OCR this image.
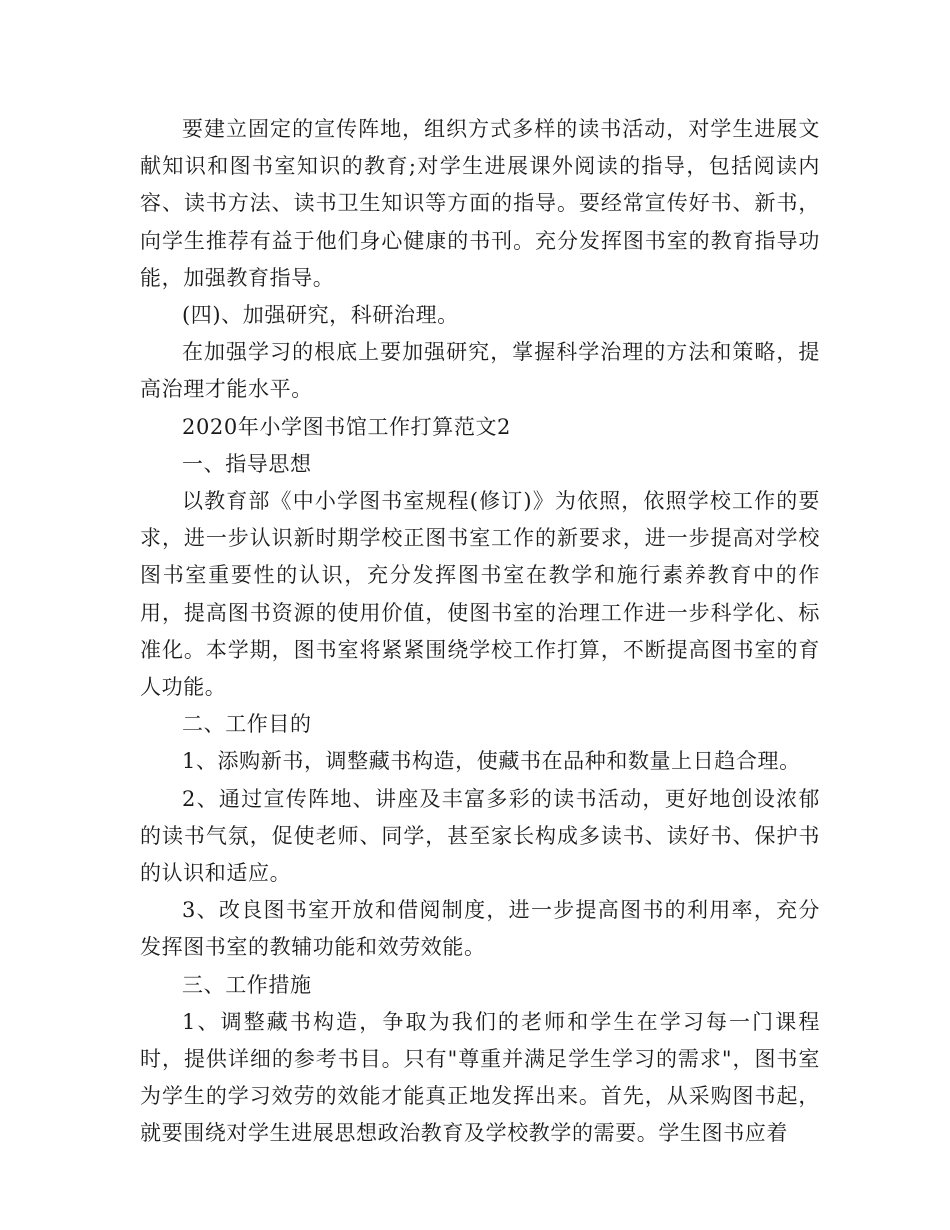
要建立固定的宣传阵地，组织方式多样的读书活动，对学生进展文献知识和图书室知识的教育;对学生进展课外阅读的指导，包括阅读内容、读书方法、读书卫生知识等方面的指导。要经常宣传好书、新书，向学生推荐有益于他们身心健康的书刊。充分发挥图书室的教育指导功能，加强教育指导。

(四)、加强研究，科研治理。

在加强学习的根底上要加强研究，掌握科学治理的方法和策略，提高治理才能水平。

2020年小学图书馆工作打算范文2

一、指导思想

以教育部《中小学图书室规程(修订)》为依照，依照学校工作的要求，进一步认识新时期学校正图书室工作的新要求，进一步提高对学校图书室重要性的认识，充分发挥图书室在教学和施行素养教育中的作用，提高图书资源的使用价值，使图书室的治理工作进一步科学化、标准化。本学期，图书室将紧紧围绕学校工作打算，不断提高图书室的育人功能。

二、工作目的

1、添购新书，调整藏书构造，使藏书在品种和数量上日趋合理。

2、通过宣传阵地、讲座及丰富多彩的读书活动，更好地创设浓郁的读书气氛，促使老师、同学，甚至家长构成多读书、读好书、保护书的认识和适应。

3、改良图书室开放和借阅制度，进一步提高图书的利用率，充分发挥图书室的教辅功能和效劳效能。

三、工作措施

1、调整藏书构造，争取为我们的老师和学生在学习每一门课程时，提供详细的参考书目。只有"尊重并满足学生学习的需求"，图书室为学生的学习效劳的效能才能真正地发挥出来。首先，从采购图书起，就要围绕对学生进展思想政治教育及学校教学的需要。学生图书应着
